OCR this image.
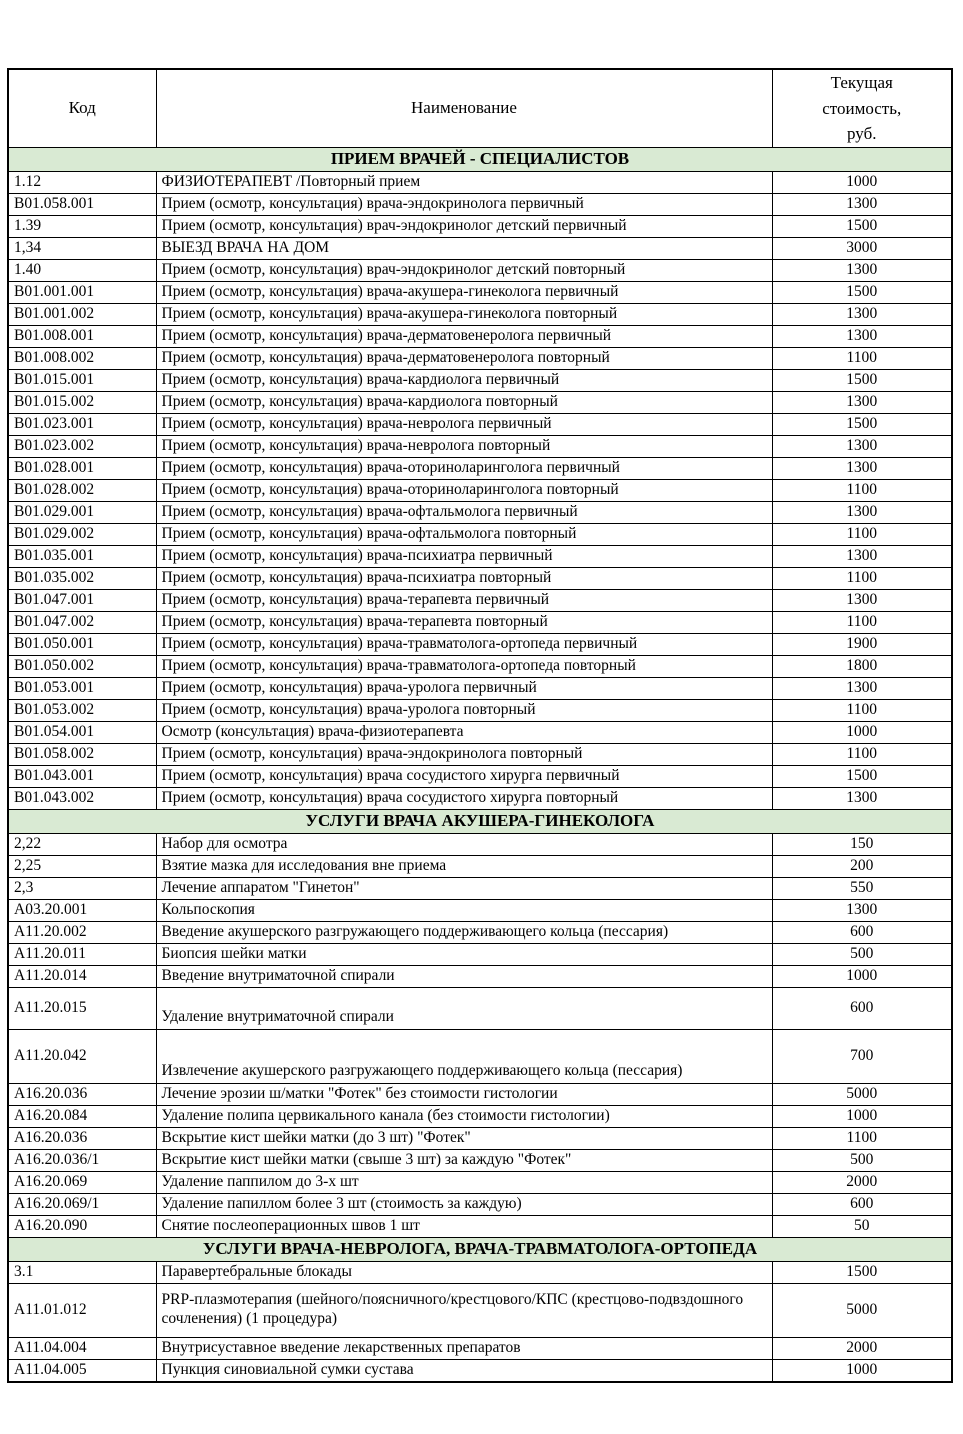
Код	Наименование	Текущая стоимость, руб.
ПРИЕМ ВРАЧЕЙ - СПЕЦИАЛИСТОВ		
1.12	ФИЗИОТЕРАПЕВТ /Повторный прием	1000
В01.058.001	Прием (осмотр, консультация) врача-эндокринолога первичный	1300
1.39	Прием (осмотр, консультация) врач-эндокринолог детский первичный	1500
1,34	ВЫЕЗД ВРАЧА НА ДОМ	3000
1.40	Прием (осмотр, консультация) врач-эндокринолог детский повторный	1300
В01.001.001	Прием (осмотр, консультация) врача-акушера-гинеколога первичный	1500
В01.001.002	Прием (осмотр, консультация) врача-акушера-гинеколога повторный	1300
В01.008.001	Прием (осмотр, консультация) врача-дерматовенеролога первичный	1300
В01.008.002	Прием (осмотр, консультация) врача-дерматовенеролога повторный	1100
В01.015.001	Прием (осмотр, консультация) врача-кардиолога первичный	1500
В01.015.002	Прием (осмотр, консультация) врача-кардиолога повторный	1300
В01.023.001	Прием (осмотр, консультация) врача-невролога первичный	1500
В01.023.002	Прием (осмотр, консультация) врача-невролога повторный	1300
В01.028.001	Прием (осмотр, консультация) врача-оториноларинголога первичный	1300
В01.028.002	Прием (осмотр, консультация) врача-оториноларинголога повторный	1100
В01.029.001	Прием (осмотр, консультация) врача-офтальмолога первичный	1300
В01.029.002	Прием (осмотр, консультация) врача-офтальмолога повторный	1100
В01.035.001	Прием (осмотр, консультация) врача-психиатра первичный	1300
В01.035.002	Прием (осмотр, консультация) врача-психиатра повторный	1100
В01.047.001	Прием (осмотр, консультация) врача-терапевта первичный	1300
В01.047.002	Прием (осмотр, консультация) врача-терапевта повторный	1100
В01.050.001	Прием (осмотр, консультация) врача-травматолога-ортопеда первичный	1900
В01.050.002	Прием (осмотр, консультация) врача-травматолога-ортопеда повторный	1800
В01.053.001	Прием (осмотр, консультация) врача-уролога первичный	1300
В01.053.002	Прием (осмотр, консультация) врача-уролога повторный	1100
В01.054.001	Осмотр (консультация) врача-физиотерапевта	1000
В01.058.002	Прием (осмотр, консультация) врача-эндокринолога повторный	1100
В01.043.001	Прием (осмотр, консультация) врача сосудистого хирурга первичный	1500
В01.043.002	Прием (осмотр, консультация) врача сосудистого хирурга повторный	1300
УСЛУГИ ВРАЧА АКУШЕРА-ГИНЕКОЛОГА		
2,22	Набор для осмотра	150
2,25	Взятие мазка для исследования вне приема	200
2,3	Лечение аппаратом "Гинетон"	550
А03.20.001	Кольпоскопия	1300
А11.20.002	Введение акушерского разгружающего поддерживающего кольца (пессария)	600
А11.20.011	Биопсия шейки матки	500
А11.20.014	Введение внутриматочной спирали	1000
А11.20.015	Удаление внутриматочной спирали	600
А11.20.042	Извлечение акушерского разгружающего поддерживающего кольца (пессария)	700
А16.20.036	Лечение эрозии ш/матки "Фотек" без стоимости гистологии	5000
А16.20.084	Удаление полипа цервикального канала (без стоимости гистологии)	1000
А16.20.036	Вскрытие кист шейки матки (до 3 шт) "Фотек"	1100
А16.20.036/1	Вскрытие кист шейки матки (свыше 3 шт) за каждую "Фотек"	500
А16.20.069	Удаление паппилом до 3-х шт	2000
А16.20.069/1	Удаление папиллом более 3 шт (стоимость за каждую)	600
А16.20.090	Снятие послеоперационных швов 1 шт	50
УСЛУГИ ВРАЧА-НЕВРОЛОГА, ВРАЧА-ТРАВМАТОЛОГА-ОРТОПЕДА		
3.1	Паравертебральные блокады	1500
А11.01.012	PRP-плазмотерапия (шейного/поясничного/крестцового/КПС (крестцово-подвздошного сочленения) (1 процедура)	5000
А11.04.004	Внутрисуставное введение лекарственных препаратов	2000
А11.04.005	Пункция синовиальной сумки сустава	1000
